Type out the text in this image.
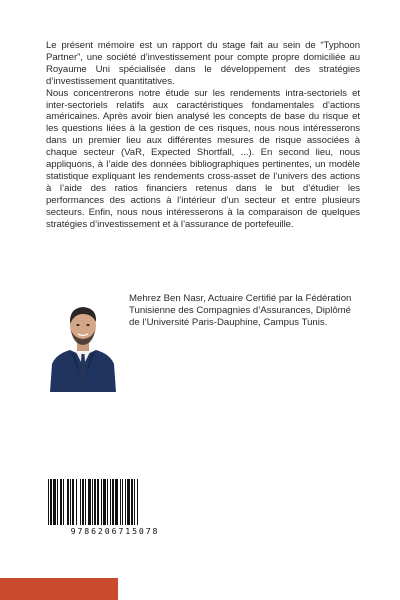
Le présent mémoire est un rapport du stage fait au sein de “Typhoon Partner”, une société d’investissement pour compte propre domiciliée au Royaume Uni spécialisée dans le développement des stratégies d’investissement quantitatives.

Nous concentrerons notre étude sur les rendements intra-sectoriels et inter-sectoriels relatifs aux caractéristiques fondamentales d’actions américaines. Après avoir bien analysé les concepts de base du risque et les questions liées à la gestion de ces risques, nous nous intéresserons dans un premier lieu aux différentes mesures de risque associées à chaque secteur (VaR, Expected Shortfall, ...). En second lieu, nous appliquons, à l’aide des données bibliographiques pertinentes, un modèle statistique expliquant les rendements cross-asset de l’univers des actions à l’aide des ratios financiers retenus dans le but d’étudier les performances des actions à l’intérieur d’un secteur et entre plusieurs secteurs. Enfin, nous nous intéresserons à la comparaison de quelques stratégies d’investissement et à l’assurance de portefeuille.

Mehrez Ben Nasr, Actuaire Certifié par la Fédération Tunisienne des Compagnies d’Assurances, Diplômé de l’Université Paris-Dauphine, Campus Tunis.
9786206715078
